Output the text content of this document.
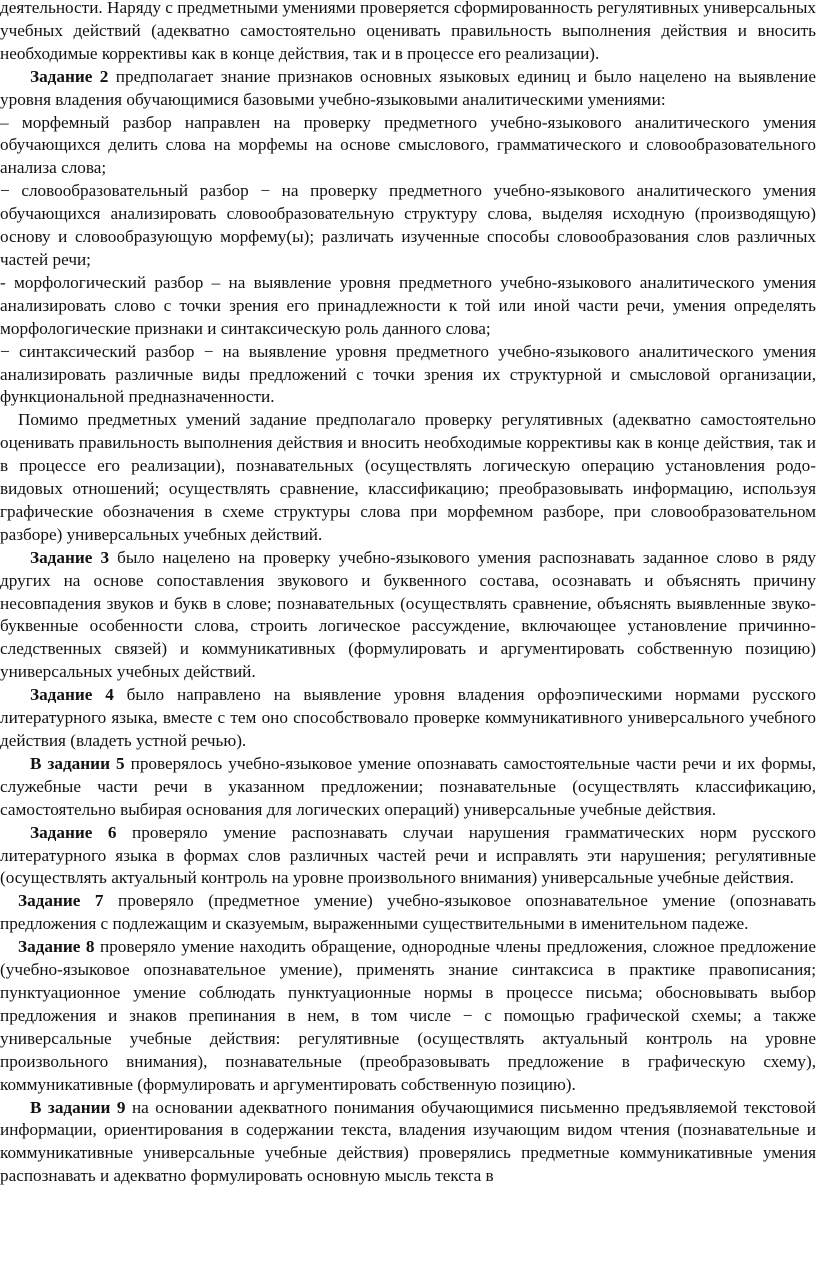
деятельности. Наряду с предметными умениями проверяется сформированность регулятивных универсальных учебных действий (адекватно самостоятельно оценивать правильность выполнения действия и вносить необходимые коррективы как в конце действия, так и в процессе его реализации).

Задание 2 предполагает знание признаков основных языковых единиц и было нацелено на выявление уровня владения обучающимися базовыми учебно-языковыми аналитическими умениями:

‒ морфемный разбор направлен на проверку предметного учебно-языкового аналитического умения обучающихся делить слова на морфемы на основе смыслового, грамматического и словообразовательного анализа слова;

− словообразовательный разбор − на проверку предметного учебно-языкового аналитического умения обучающихся анализировать словообразовательную структуру слова, выделяя исходную (производящую) основу и словообразующую морфему(ы); различать изученные способы словообразования слов различных частей речи;

- морфологический разбор – на выявление уровня предметного учебно-языкового аналитического умения анализировать слово с точки зрения его принадлежности к той или иной части речи, умения определять морфологические признаки и синтаксическую роль данного слова;

− синтаксический разбор − на выявление уровня предметного учебно-языкового аналитического умения анализировать различные виды предложений с точки зрения их структурной и смысловой организации, функциональной предназначенности.

Помимо предметных умений задание предполагало проверку регулятивных (адекватно самостоятельно оценивать правильность выполнения действия и вносить необходимые коррективы как в конце действия, так и в процессе его реализации), познавательных (осуществлять логическую операцию установления родо-видовых отношений; осуществлять сравнение, классификацию; преобразовывать информацию, используя графические обозначения в схеме структуры слова при морфемном разборе, при словообразовательном разборе) универсальных учебных действий.

Задание 3 было нацелено на проверку учебно-языкового умения распознавать заданное слово в ряду других на основе сопоставления звукового и буквенного состава, осознавать и объяснять причину несовпадения звуков и букв в слове; познавательных (осуществлять сравнение, объяснять выявленные звуко-буквенные особенности слова, строить логическое рассуждение, включающее установление причинно-следственных связей) и коммуникативных (формулировать и аргументировать собственную позицию) универсальных учебных действий.

Задание 4 было направлено на выявление уровня владения орфоэпическими нормами русского литературного языка, вместе с тем оно способствовало проверке коммуникативного универсального учебного действия (владеть устной речью).

В задании 5 проверялось учебно-языковое умение опознавать самостоятельные части речи и их формы, служебные части речи в указанном предложении; познавательные (осуществлять классификацию, самостоятельно выбирая основания для логических операций) универсальные учебные действия.

Задание 6 проверяло умение распознавать случаи нарушения грамматических норм русского литературного языка в формах слов различных частей речи и исправлять эти нарушения; регулятивные (осуществлять актуальный контроль на уровне произвольного внимания) универсальные учебные действия.

Задание 7 проверяло (предметное умение) учебно-языковое опознавательное умение (опознавать предложения с подлежащим и сказуемым, выраженными существительными в именительном падеже.

Задание 8 проверяло умение находить обращение, однородные члены предложения, сложное предложение (учебно-языковое опознавательное умение), применять знание синтаксиса в практике правописания; пунктуационное умение соблюдать пунктуационные нормы в процессе письма; обосновывать выбор предложения и знаков препинания в нем, в том числе − с помощью графической схемы; а также универсальные учебные действия: регулятивные (осуществлять актуальный контроль на уровне произвольного внимания), познавательные (преобразовывать предложение в графическую схему), коммуникативные (формулировать и аргументировать собственную позицию).

В задании 9 на основании адекватного понимания обучающимися письменно предъявляемой текстовой информации, ориентирования в содержании текста, владения изучающим видом чтения (познавательные и коммуникативные универсальные учебные действия) проверялись предметные коммуникативные умения распознавать и адекватно формулировать основную мысль текста в
